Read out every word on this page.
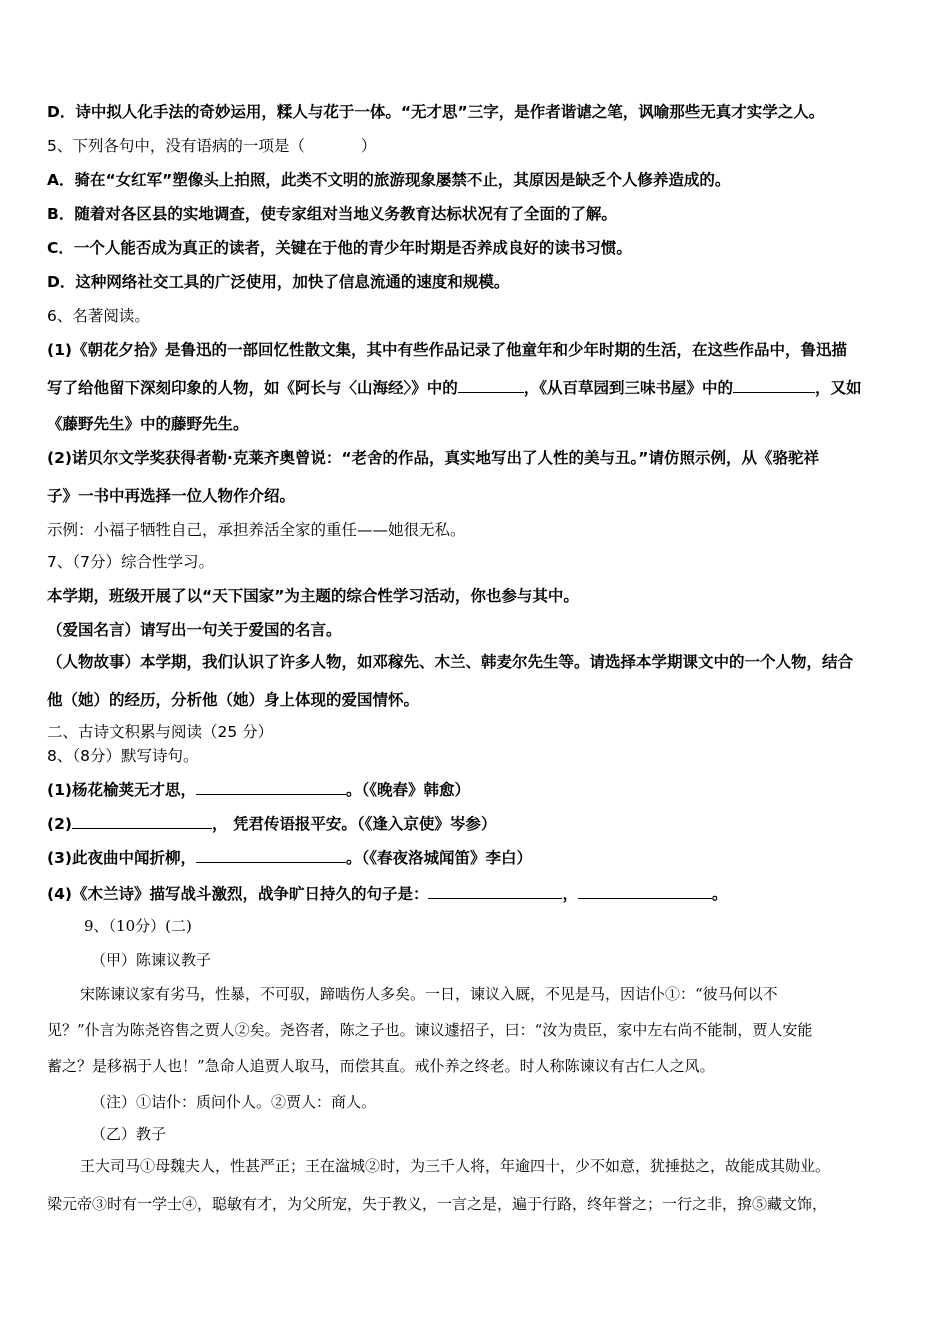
D．诗中拟人化手法的奇妙运用，糅人与花于一体。“无才思”三字，是作者谐谑之笔，讽喻那些无真才实学之人。
5、下列各句中，没有语病的一项是（	）
A．骑在“女红军”塑像头上拍照，此类不文明的旅游现象屡禁不止，其原因是缺乏个人修养造成的。
B．随着对各区县的实地调查，使专家组对当地义务教育达标状况有了全面的了解。
C．一个人能否成为真正的读者，关键在于他的青少年时期是否养成良好的读书习惯。
D．这种网络社交工具的广泛使用，加快了信息流通的速度和规模。
6、名著阅读。
(1)《朝花夕拾》是鲁迅的一部回忆性散文集，其中有些作品记录了他童年和少年时期的生活，在这些作品中，鲁迅描
写了给他留下深刻印象的人物，如《阿长与〈山海经〉》中的	，《从百草园到三味书屋》中的	，又如
《藤野先生》中的藤野先生。
(2)诺贝尔文学奖获得者勒·克莱齐奥曾说：“老舍的作品，真实地写出了人性的美与丑。”请仿照示例，从《骆驼祥
子》一书中再选择一位人物作介绍。
示例：小福子牺牲自己，承担养活全家的重任——她很无私。
7、（7分）综合性学习。
本学期，班级开展了以“天下国家”为主题的综合性学习活动，你也参与其中。
（爱国名言）请写出一句关于爱国的名言。
（人物故事）本学期，我们认识了许多人物，如邓稼先、木兰、韩麦尔先生等。请选择本学期课文中的一个人物，结合
他（她）的经历，分析他（她）身上体现的爱国情怀。
二、古诗文积累与阅读（25 分）
8、（8分）默写诗句。
(1)杨花榆荚无才思，	。（《晚春》韩愈）
(2)	， 凭君传语报平安。（《逢入京使》岑参）
(3)此夜曲中闻折柳，	。（《春夜洛城闻笛》李白）
(4)《木兰诗》描写战斗激烈，战争旷日持久的句子是：	，	。
9、（10分）(二)
（甲）陈谏议教子
宋陈谏议家有劣马，性暴，不可驭，蹄啮伤人多矣。一日，谏议入厩，不见是马，因诘仆①：“彼马何以不
见？”仆言为陈尧咨售之贾人②矣。尧咨者，陈之子也。谏议遽招子，曰：“汝为贵臣，家中左右尚不能制，贾人安能
蓄之？是移祸于人也！”急命人追贾人取马，而偿其直。戒仆养之终老。时人称陈谏议有古仁人之风。
（注）①诘仆：质问仆人。②贾人：商人。
（乙）教子
王大司马①母魏夫人，性甚严正；王在湓城②时，为三千人将，年逾四十，少不如意，犹捶挞之，故能成其勋业。
梁元帝③时有一学士④，聪敏有才，为父所宠，失于教义，一言之是，遍于行路，终年誉之；一行之非，揜⑤藏文饰，
